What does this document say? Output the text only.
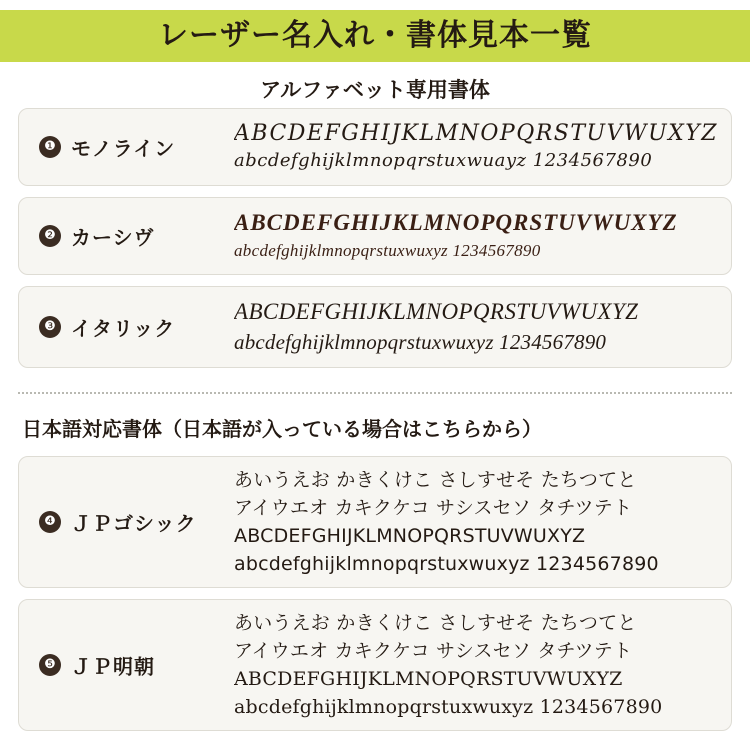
レーザー名入れ・書体見本一覧
アルファベット専用書体
❶ モノライン
ABCDEFGHIJKLMNOPQRSTUVWUXYZ
abcdefghijklmnopqrstuxwuayz 1234567890
❷ カーシヴ
ABCDEFGHIJKLMNOPQRSTUVWUXYZ
abcdefghijklmnopqrstuxwuxyz 1234567890
❸ イタリック
ABCDEFGHIJKLMNOPQRSTUVWUXYZ
abcdefghijklmnopqrstuxwuxyz 1234567890
日本語対応書体（日本語が入っている場合はこちらから）
❹ ＪＰゴシック
あいうえお かきくけこ さしすせそ たちつてと
アイウエオ カキクケコ サシスセソ タチツテト
ABCDEFGHIJKLMNOPQRSTUVWUXYZ
abcdefghijklmnopqrstuxwuxyz 1234567890
❺ ＪＰ明朝
あいうえお かきくけこ さしすせそ たちつてと
アイウエオ カキクケコ サシスセソ タチツテト
ABCDEFGHIJKLMNOPQRSTUVWUXYZ
abcdefghijklmnopqrstuxwuxyz 1234567890
